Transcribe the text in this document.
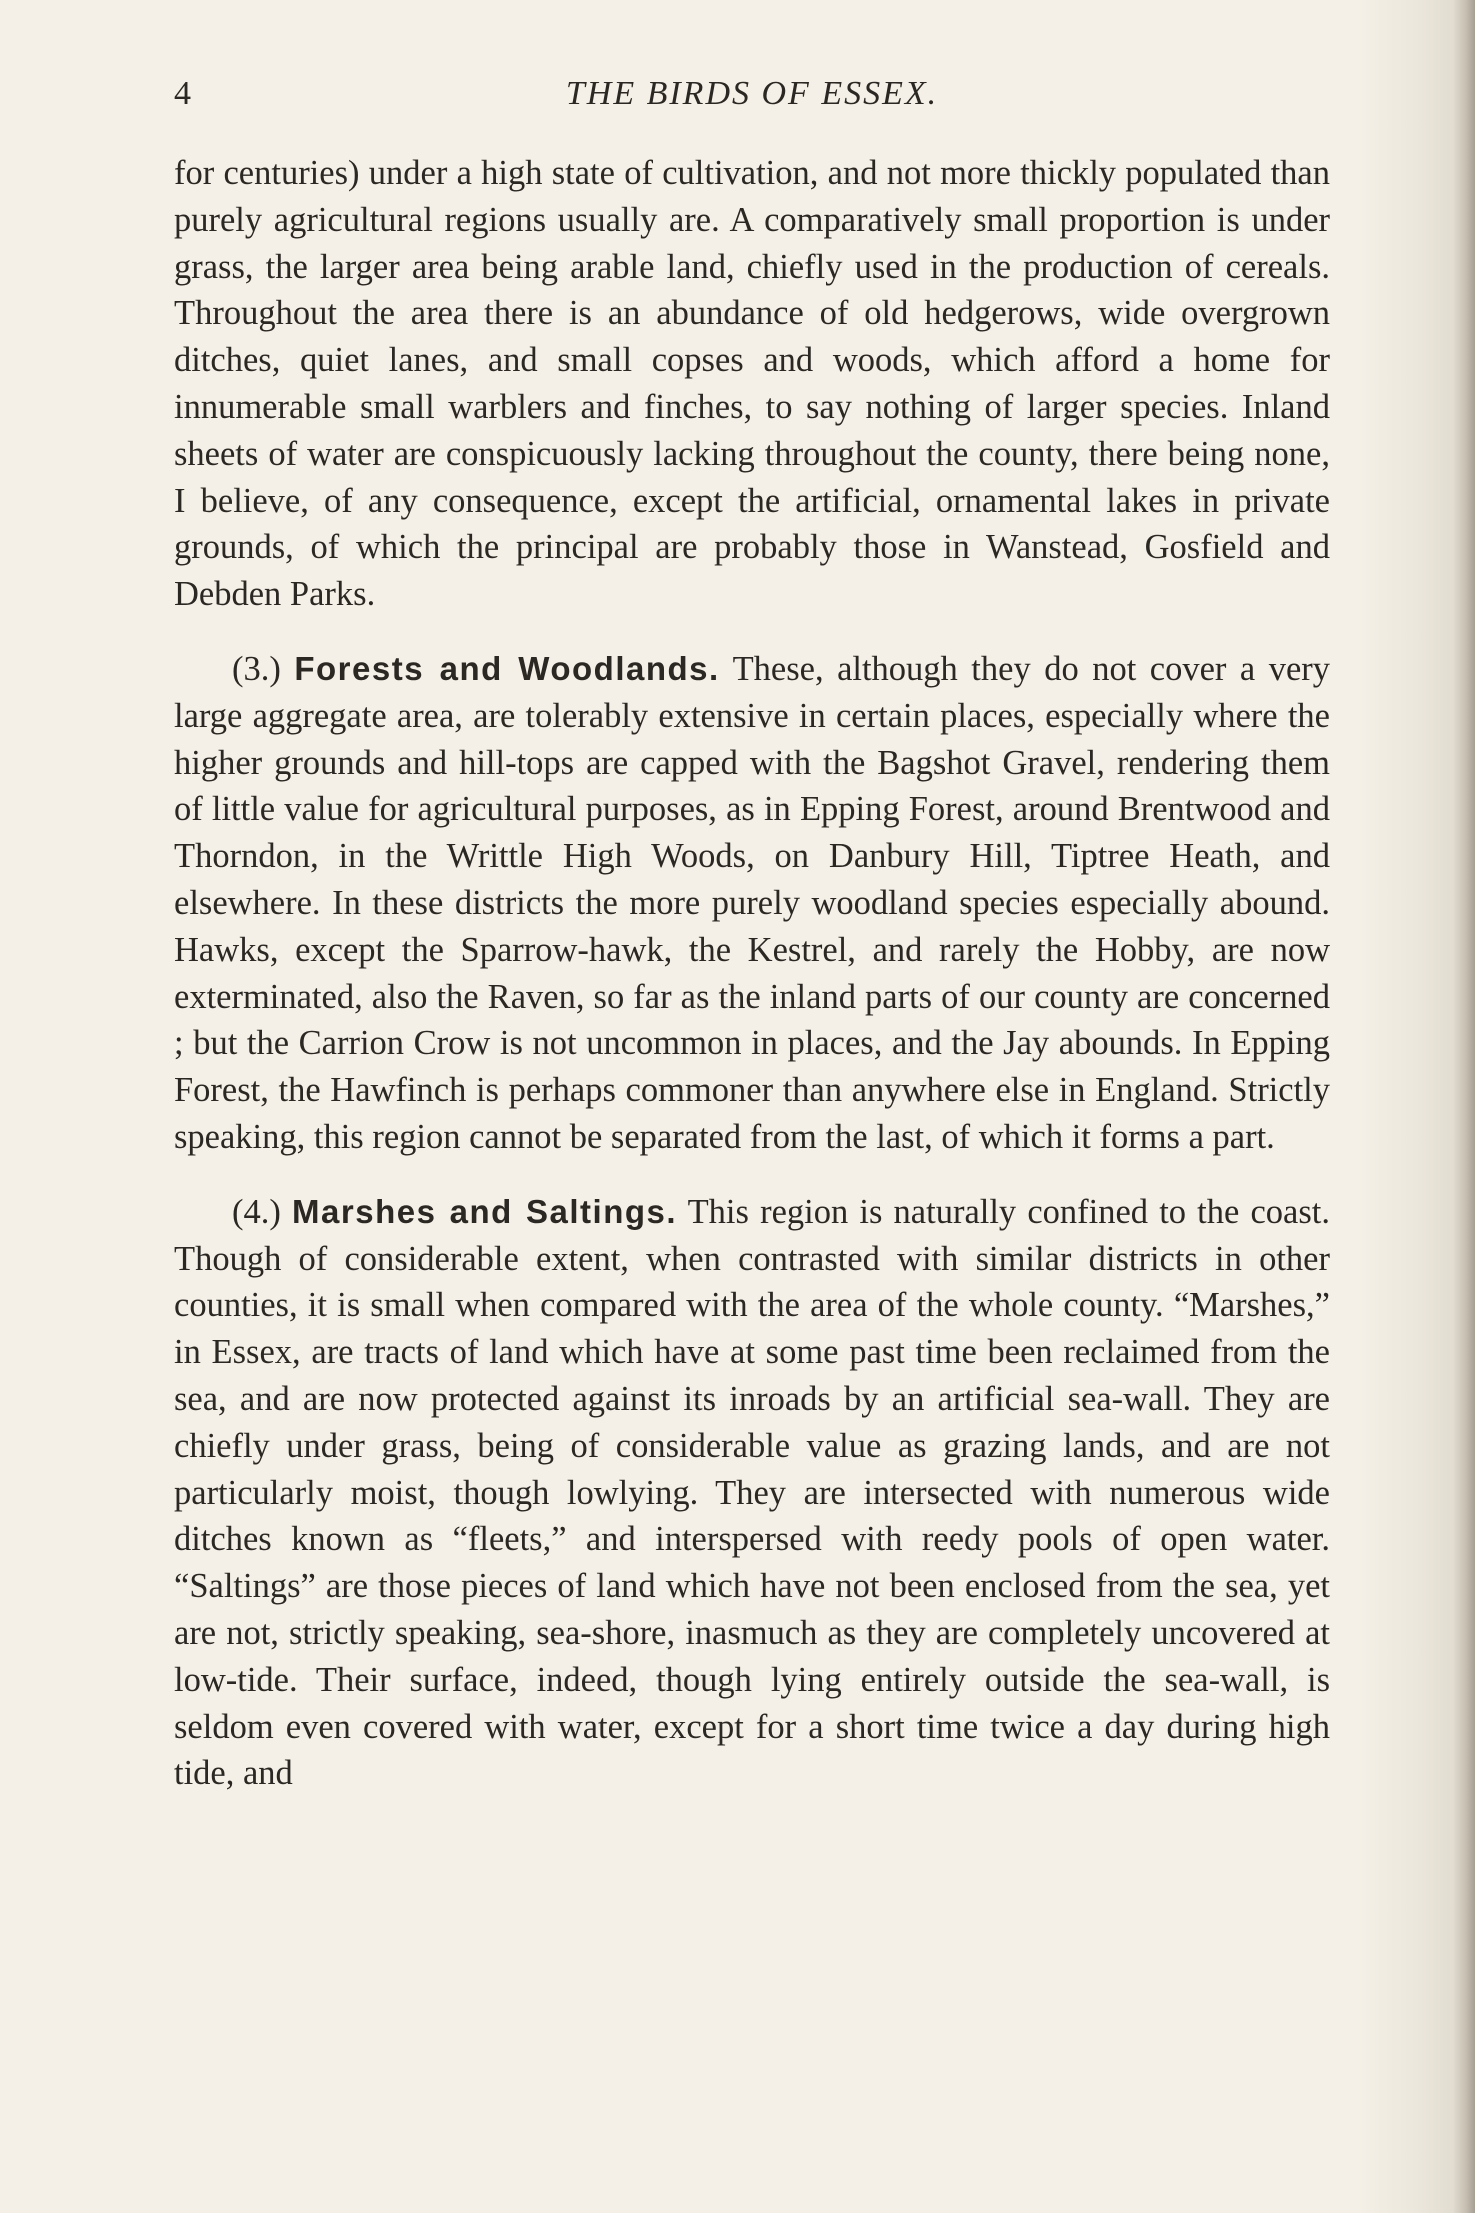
4	THE BIRDS OF ESSEX.

for centuries) under a high state of cultivation, and not more thickly populated than purely agricultural regions usually are. A comparatively small proportion is under grass, the larger area being arable land, chiefly used in the production of cereals. Throughout the area there is an abundance of old hedgerows, wide overgrown ditches, quiet lanes, and small copses and woods, which afford a home for innumerable small warblers and finches, to say nothing of larger species. Inland sheets of water are conspicuously lacking throughout the county, there being none, I believe, of any consequence, except the artificial, ornamental lakes in private grounds, of which the principal are probably those in Wanstead, Gosfield and Debden Parks.

(3.) Forests and Woodlands. These, although they do not cover a very large aggregate area, are tolerably extensive in certain places, especially where the higher grounds and hill-tops are capped with the Bagshot Gravel, rendering them of little value for agricultural purposes, as in Epping Forest, around Brentwood and Thorndon, in the Writtle High Woods, on Danbury Hill, Tiptree Heath, and elsewhere. In these districts the more purely woodland species especially abound. Hawks, except the Sparrow-hawk, the Kestrel, and rarely the Hobby, are now exterminated, also the Raven, so far as the inland parts of our county are concerned ; but the Carrion Crow is not uncommon in places, and the Jay abounds. In Epping Forest, the Hawfinch is perhaps commoner than anywhere else in England. Strictly speaking, this region cannot be separated from the last, of which it forms a part.

(4.) Marshes and Saltings. This region is naturally confined to the coast. Though of considerable extent, when contrasted with similar districts in other counties, it is small when compared with the area of the whole county. “Marshes,” in Essex, are tracts of land which have at some past time been reclaimed from the sea, and are now protected against its inroads by an artificial sea-wall. They are chiefly under grass, being of considerable value as grazing lands, and are not particularly moist, though lowlying. They are intersected with numerous wide ditches known as “fleets,” and interspersed with reedy pools of open water. “Saltings” are those pieces of land which have not been enclosed from the sea, yet are not, strictly speaking, sea-shore, inasmuch as they are completely uncovered at low-tide. Their surface, indeed, though lying entirely outside the sea-wall, is seldom even covered with water, except for a short time twice a day during high tide, and
